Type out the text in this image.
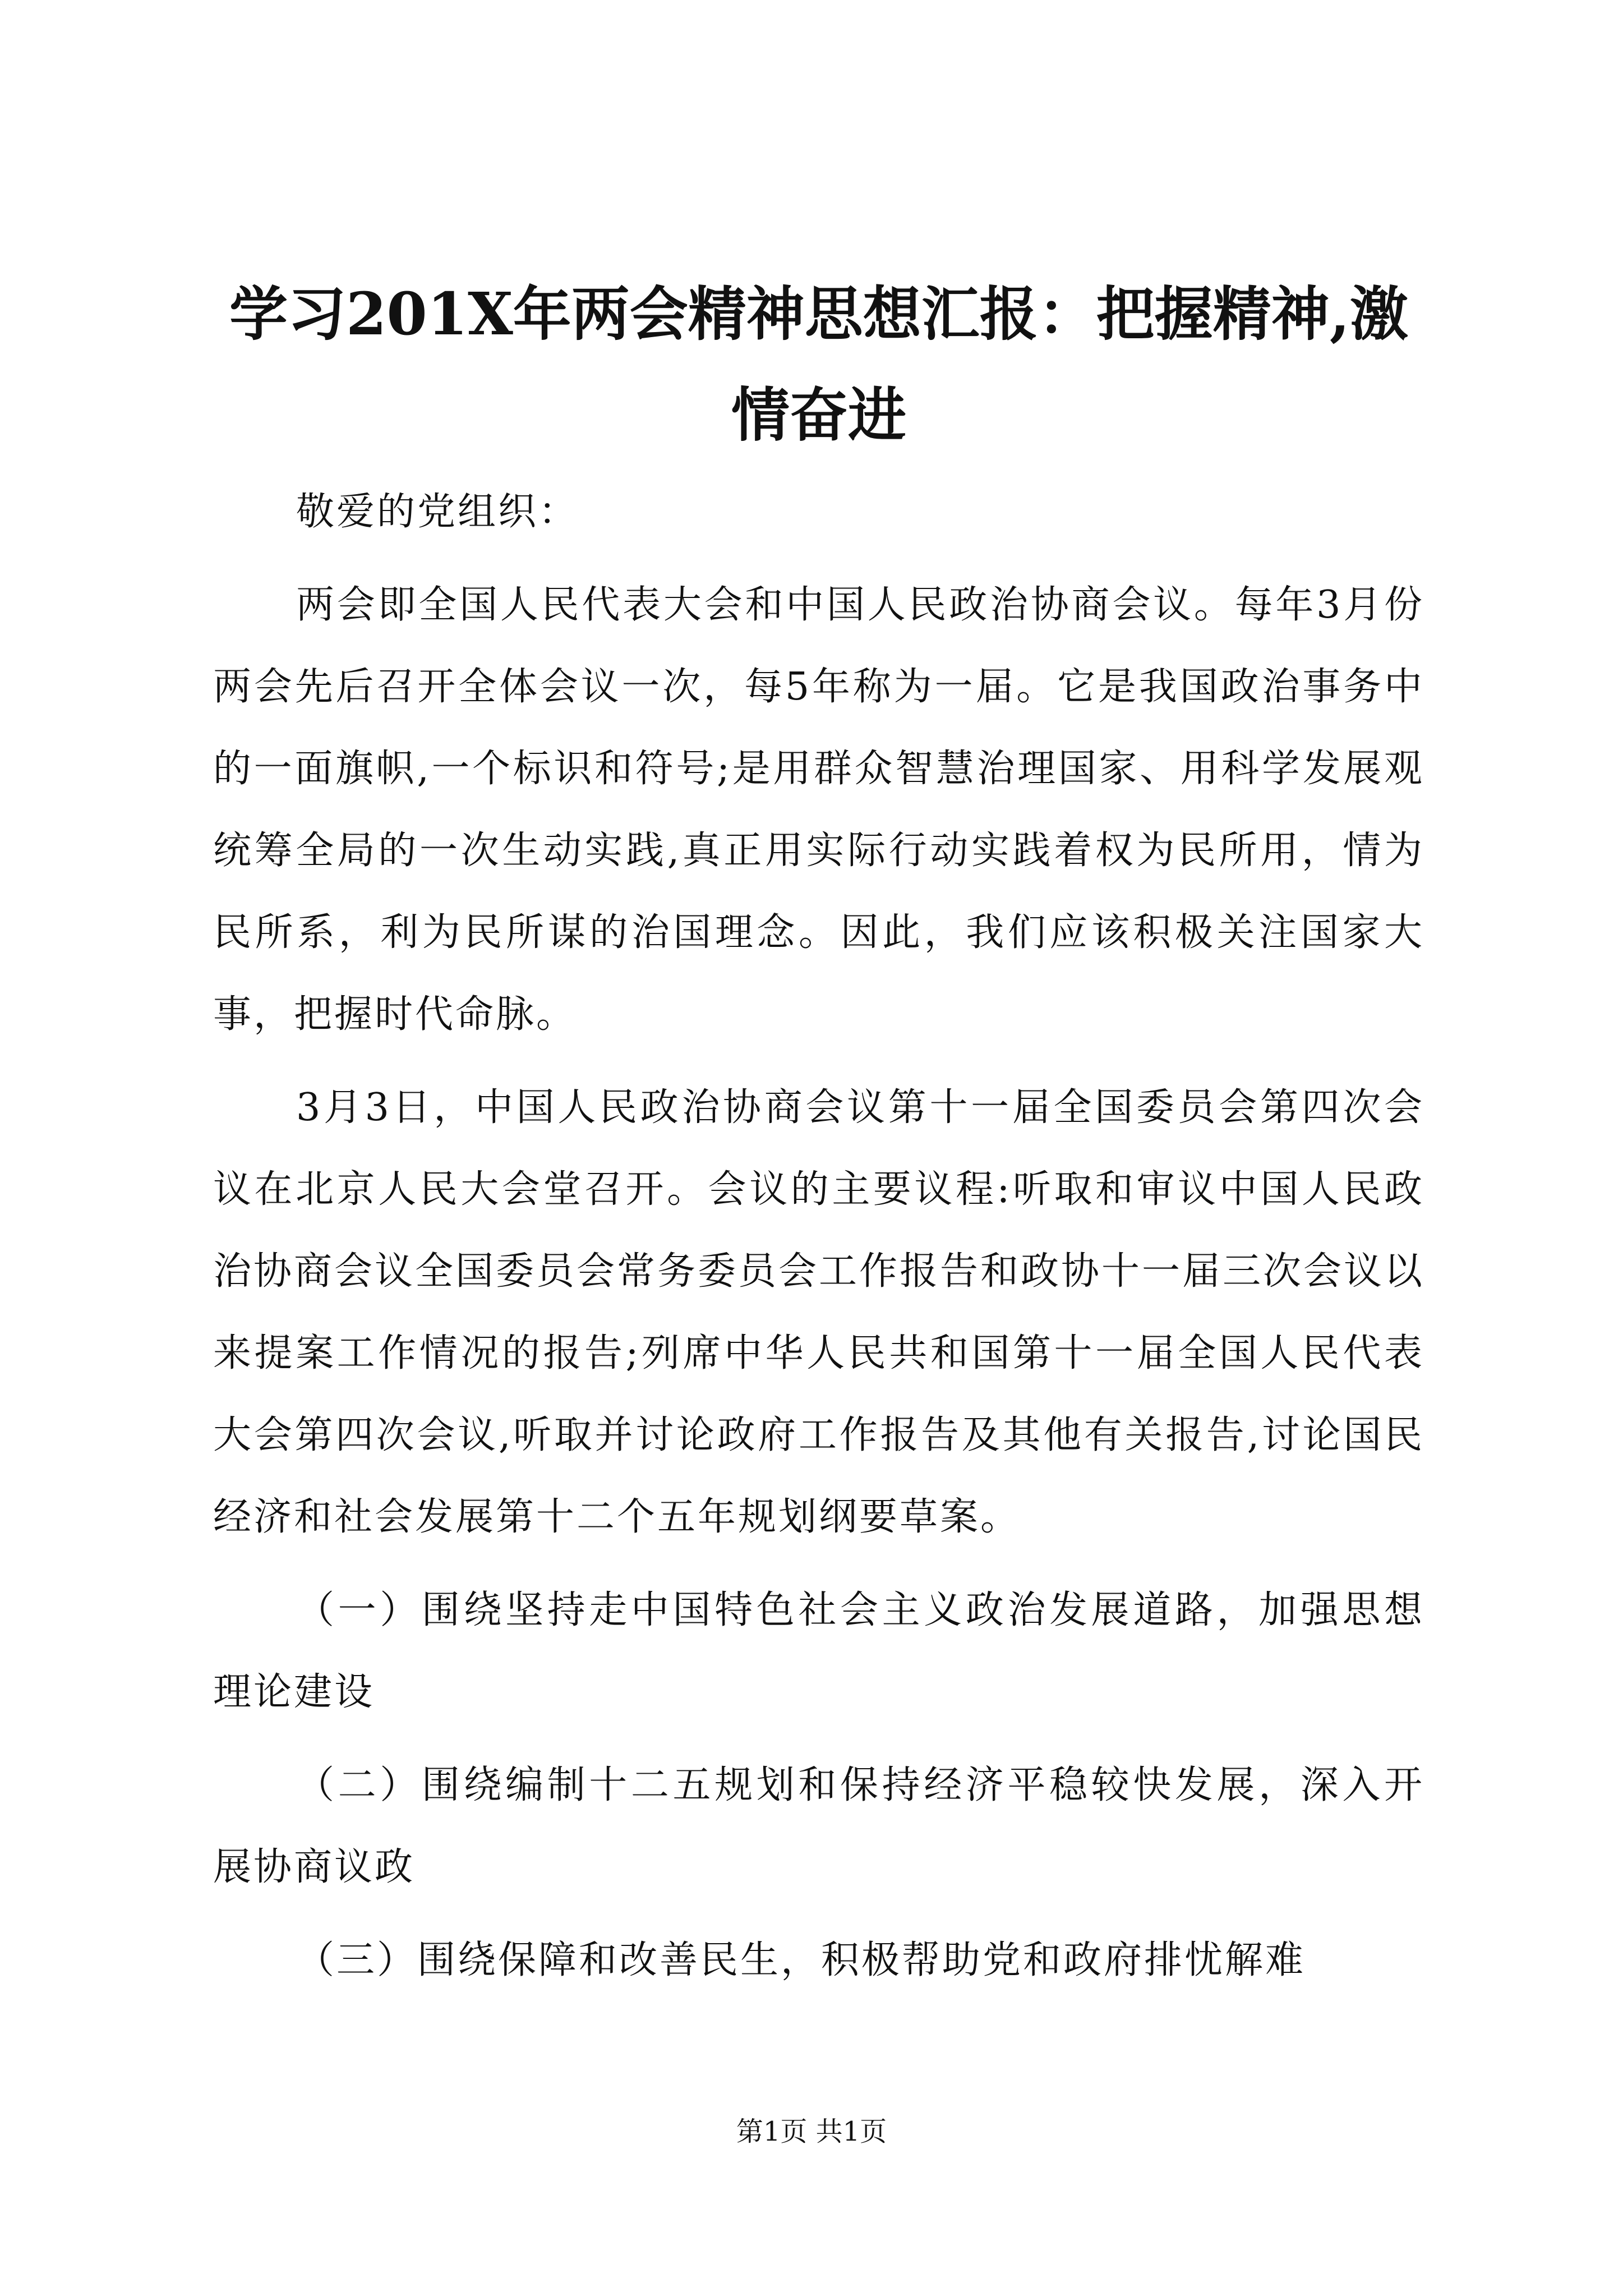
学习201X年两会精神思想汇报：把握精神,激情奋进

敬爱的党组织：

两会即全国人民代表大会和中国人民政治协商会议。每年3月份两会先后召开全体会议一次，每5年称为一届。它是我国政治事务中的一面旗帜,一个标识和符号;是用群众智慧治理国家、用科学发展观统筹全局的一次生动实践,真正用实际行动实践着权为民所用，情为民所系，利为民所谋的治国理念。因此，我们应该积极关注国家大事，把握时代命脉。

3月3日，中国人民政治协商会议第十一届全国委员会第四次会议在北京人民大会堂召开。会议的主要议程:听取和审议中国人民政治协商会议全国委员会常务委员会工作报告和政协十一届三次会议以来提案工作情况的报告;列席中华人民共和国第十一届全国人民代表大会第四次会议,听取并讨论政府工作报告及其他有关报告,讨论国民经济和社会发展第十二个五年规划纲要草案。

（一）围绕坚持走中国特色社会主义政治发展道路，加强思想理论建设

（二）围绕编制十二五规划和保持经济平稳较快发展，深入开展协商议政

（三）围绕保障和改善民生，积极帮助党和政府排忧解难

第1页 共1页
